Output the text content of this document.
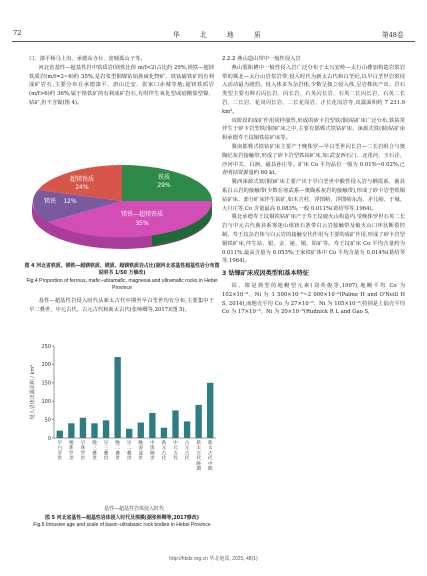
72	华	北	地	质	第48卷

口、滦平杨马上沟、承德高寺台、宽城孤山子等。

河北省基性—超基性岩中铁质岩(镁铁比值 m/f<2)占比约 29%,镁铁—超镁铁质岩(m/f=2~6)约 35%,是岩浆型铜镍钴铂族硫化物矿、铁钛磁铁矿的有利成矿岩石,主要分布在承德滦平、唐山迁安、张家口赤城等地;超镁铁质岩(m/f>6)约 36%,属于铬铁矿的有利成矿岩石,有时伴生氧化型或硅酸盐型镍、钴矿,但不含镍(图 4)。

超镁铁质
24%
铁质
29%
镁铁 12%
镁铁—超镁铁质
35%
图 4 河北省铁质、镁铁—超镁铁质、镁质、超镁铁质岩占比(据河北省基性超基性岩分布图说明书 1/50 万修改)
Fig.4 Proportion of ferrous, mafic–ultramafic, magnesia and ultramafic rocks in Hebei Province

基性—超基性岩侵入时代从新太古代中期至早白垩世均有分布,主要集中于早二叠世、中元古代、古元古代和新太古代(张师卿等,2017)(图 5)。

0
50
100
150
200
250
早白垩世
晚侏罗世
早侏罗世
晚三叠世
早三叠世
晚二叠世
早二叠世
晚泥盆世
中奥陶世
新元古代
中元古代
古元古代
新太古代晚期
新太古代中期
侵入岩体出露面积 / km²
基性—超基性岩体侵入时代
图 5 河北省基性—超基性岩体侵入时代及规模(据张师卿等,2017修改)
Fig.5 Intrusive age and scale of basic–ultrabasic rock bodies in Hebei Province

2.2.2 燕山造山带中一般性侵入岩

燕山裂陷槽中一般性侵入岩广泛分布于太兴安岭—太行山叠加构造岩浆岩带的冀北—太行山岩浆岩带,侵入时代为新太古代和白垩纪,以早白垩世岩浆侵入活动最为剧烈。侵入体多为杂岩体,少数呈独立侵入体,呈岩株状产出。岩石类型主要有辉石闪长岩、闪长岩、石英闪长岩、石英二长闪长岩、石英二长岩、二长岩、花岗闪长岩、二长花岗岩、正长花岗岩等,出露面积约 7 231.9 km²。

该阶段的成矿作用同样强烈,形成的矽卡岩型铁(铜)钴矿床广泛分布,铁钴常伴生于矽卡岩型铁(铜)矿床之中,主要有邯郸式铁钴矿床、涞源式铁(铜)钴矿床和承德寿王坟铜铁钴矿床等。

冀南邯郸式铁钴矿床主要产于晚侏罗—早白垩世闪长岩—二长岩组合与奥陶纪灰岩接触带,形成了矽卡岩型铁钴矿床,如:武安西石门、北洺河、玉石洼、沙河中关、白涧、磁县孙庄等。矿床 Co 平均品位一般为 0.01%~0.02%,已查明钴资源量约 60 kt。

冀西涞源式铁(铜)矿床主要产出于早白垩世中酸性侵入岩与栖霞系、蓟县系白云岩的接触带(少数在寒武系—奥陶系灰岩的接触带),形成了矽卡岩型铁铜钴矿床、部分矿床伴生钴矿,如木吉村、浮图峪、浮图峪东沟、矛儿峪、于城、大旦庄等,Co 含量最高 0.083%,一般 0.011%(葛绍琴等,1964)。

冀北承德寿王坟铜铁钴矿床产于寿王坟破火山构造内,受晚侏罗世石英二长岩与中元古代蓟县系雾迷山组镁石条带白云岩接触带及破火山口环状断裂控制。寿王坟杂岩体与白云岩的接触交代作用为主要的成矿作用,形成了矽卡岩型铜铁矿床,伴生钴、银、金、铋、铜、铅矿等。寿王坟矿床 Co 平均含量约为 0.011%,最高含量为 0.053%;王家铁矿体中 Co 平均含量为 0.014%(葛绍琴等,1964)。

3 钴镍矿床成因类型和基本特征

钴、镍是典型的地幔型元素(刘英俊等,1997),地幔平均 Co 为 102×10⁻⁶、Ni 为 1 500×10⁻⁶~2 000×10⁻⁶(Palme H and O'Neill H S, 2014),而地壳平均 Co 为 27×10⁻⁶、Ni 为 105×10⁻⁶,特别是上陆壳平均 Co 为 17×10⁻⁶、Ni 为 20×10⁻⁶(Rudnick R L and Gao S,

http://hbdz.org.cn 华北地质, 2025, 48(1)
